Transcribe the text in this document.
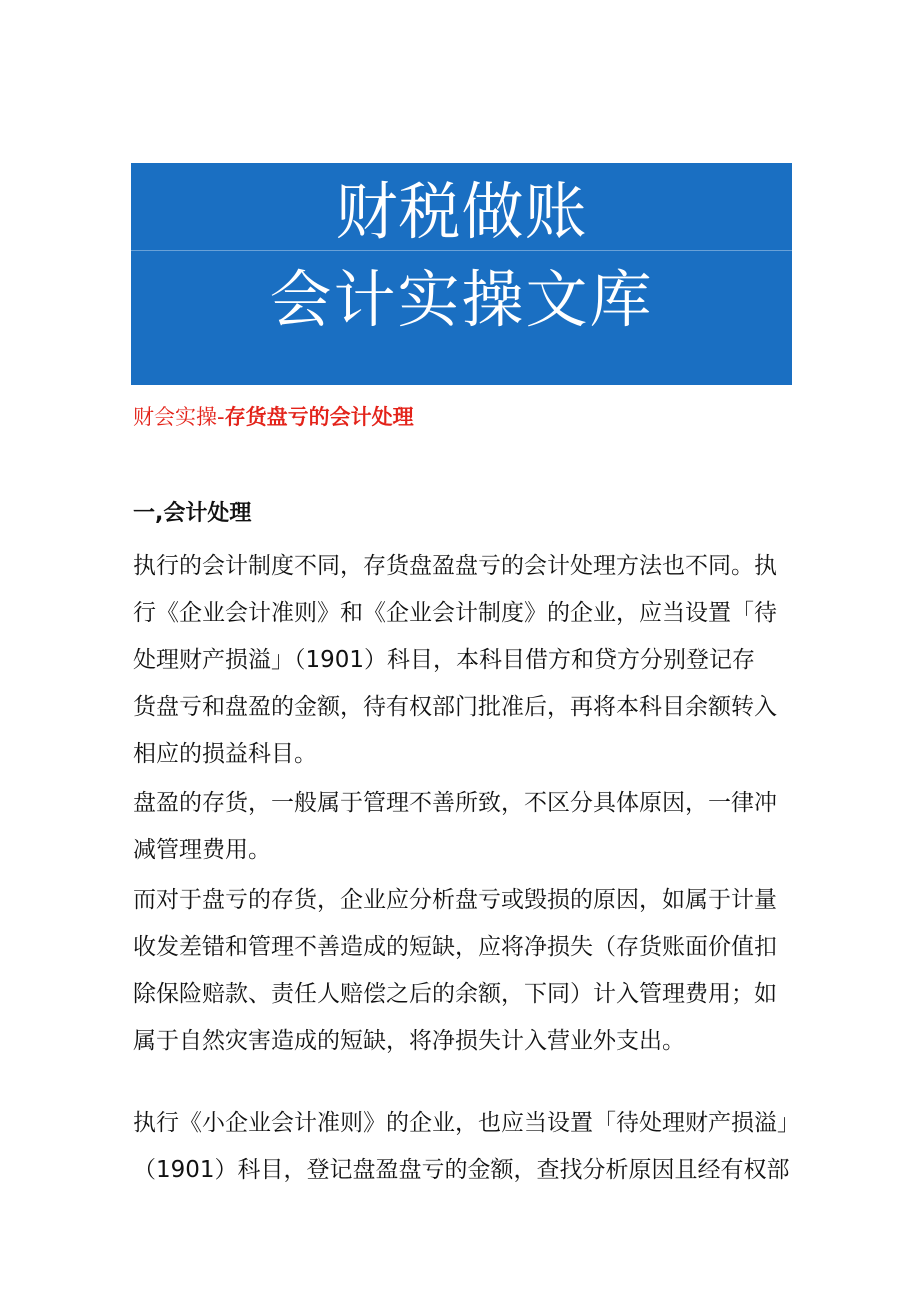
财税做账
会计实操文库
财会实操-存货盘亏的会计处理
一,会计处理
执行的会计制度不同，存货盘盈盘亏的会计处理方法也不同。执
行《企业会计准则》和《企业会计制度》的企业，应当设置「待
处理财产损溢」（1901）科目，本科目借方和贷方分别登记存
货盘亏和盘盈的金额，待有权部门批准后，再将本科目余额转入
相应的损益科目。
盘盈的存货，一般属于管理不善所致，不区分具体原因，一律冲
减管理费用。
而对于盘亏的存货，企业应分析盘亏或毁损的原因，如属于计量
收发差错和管理不善造成的短缺，应将净损失（存货账面价值扣
除保险赔款、责任人赔偿之后的余额，下同）计入管理费用；如
属于自然灾害造成的短缺，将净损失计入营业外支出。
执行《小企业会计准则》的企业，也应当设置「待处理财产损溢」
（1901）科目，登记盘盈盘亏的金额，查找分析原因且经有权部
